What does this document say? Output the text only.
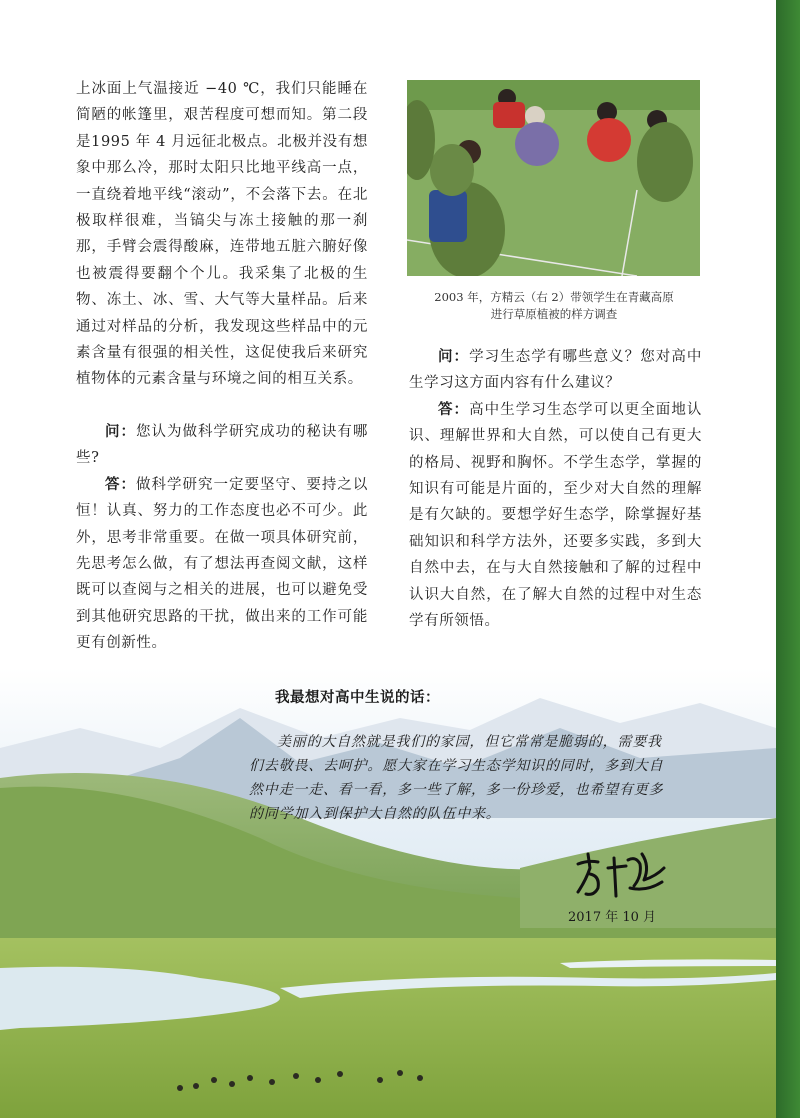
上冰面上气温接近 −40 ℃，我们只能睡在简陋的帐篷里，艰苦程度可想而知。第二段是1995 年 4 月远征北极点。北极并没有想象中那么冷，那时太阳只比地平线高一点，一直绕着地平线“滚动”，不会落下去。在北极取样很难，当镐尖与冻土接触的那一刹那，手臂会震得酸麻，连带地五脏六腑好像也被震得要翻个个儿。我采集了北极的生物、冻土、冰、雪、大气等大量样品。后来通过对样品的分析，我发现这些样品中的元素含量有很强的相关性，这促使我后来研究植物体的元素含量与环境之间的相互关系。

问：您认为做科学研究成功的秘诀有哪些?

答：做科学研究一定要坚守、要持之以恒！认真、努力的工作态度也必不可少。此外，思考非常重要。在做一项具体研究前，先思考怎么做，有了想法再查阅文献，这样既可以查阅与之相关的进展，也可以避免受到其他研究思路的干扰，做出来的工作可能更有创新性。

2003 年，方精云（右 2）带领学生在青藏高原
进行草原植被的样方调查

问：学习生态学有哪些意义？您对高中生学习这方面内容有什么建议？

答：高中生学习生态学可以更全面地认识、理解世界和大自然，可以使自己有更大的格局、视野和胸怀。不学生态学，掌握的知识有可能是片面的，至少对大自然的理解是有欠缺的。要想学好生态学，除掌握好基础知识和科学方法外，还要多实践，多到大自然中去，在与大自然接触和了解的过程中认识大自然，在了解大自然的过程中对生态学有所领悟。

我最想对高中生说的话：

美丽的大自然就是我们的家园，但它常常是脆弱的，需要我们去敬畏、去呵护。愿大家在学习生态学知识的同时，多到大自然中走一走、看一看，多一些了解，多一份珍爱，也希望有更多的同学加入到保护大自然的队伍中来。

2017 年 10 月
